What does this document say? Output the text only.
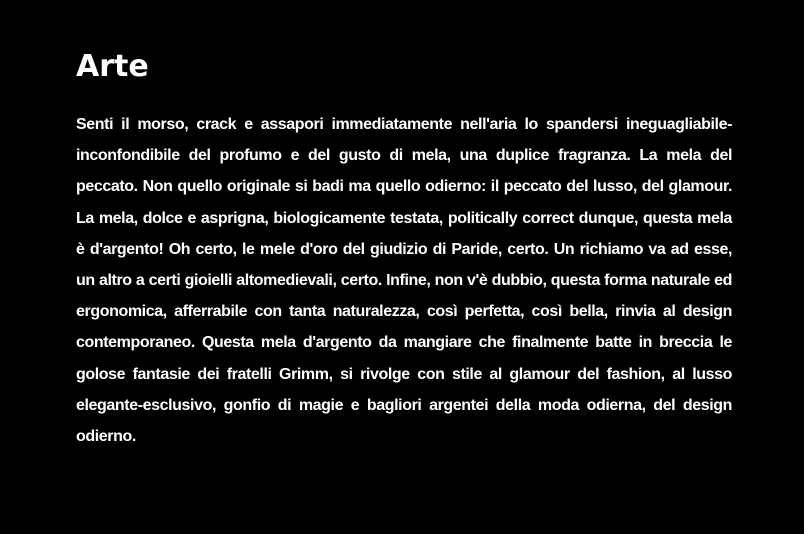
Arte

Senti il morso, crack e assapori immediatamente nell'aria lo spandersi ineguagliabile-inconfondibile del profumo e del gusto di mela, una duplice fragranza. La mela del peccato. Non quello originale si badi ma quello odierno: il peccato del lusso, del glamour. La mela, dolce e asprigna, biologicamente testata, politically correct dunque, questa mela è d'argento! Oh certo, le mele d'oro del giudizio di Paride, certo. Un richiamo va ad esse, un altro a certi gioielli altomedievali, certo. Infine, non v'è dubbio, questa forma naturale ed ergonomica, afferrabile con tanta naturalezza, così perfetta, così bella, rinvia al design contemporaneo. Questa mela d'argento da mangiare che finalmente batte in breccia le golose fantasie dei fratelli Grimm, si rivolge con stile al glamour del fashion, al lusso elegante-esclusivo, gonfio di magie e bagliori argentei della moda odierna, del design odierno.
